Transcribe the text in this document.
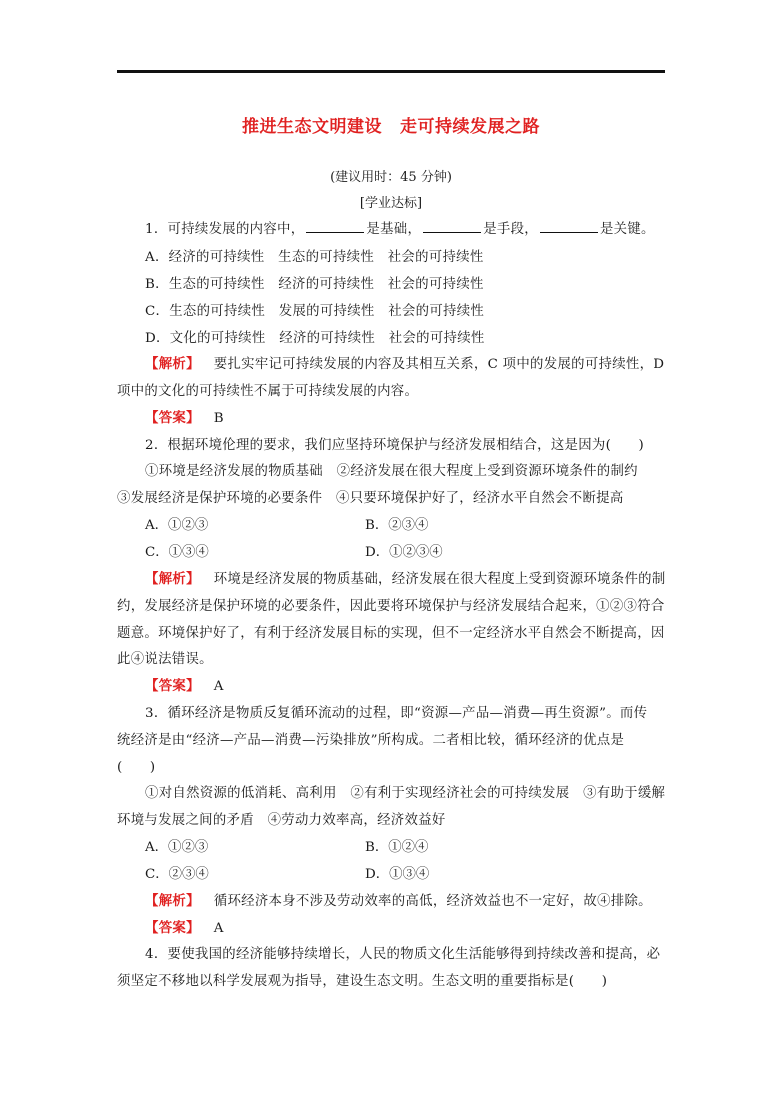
推进生态文明建设 走可持续发展之路
(建议用时：45 分钟)
[学业达标]
1．可持续发展的内容中，	是基础，	是手段，	是关键。
A．经济的可持续性　生态的可持续性　社会的可持续性
B．生态的可持续性　经济的可持续性　社会的可持续性
C．生态的可持续性　发展的可持续性　社会的可持续性
D．文化的可持续性　经济的可持续性　社会的可持续性
【解析】 要扎实牢记可持续发展的内容及其相互关系，C 项中的发展的可持续性，D
项中的文化的可持续性不属于可持续发展的内容。
【答案】 B
2．根据环境伦理的要求，我们应坚持环境保护与经济发展相结合，这是因为(　　)
①环境是经济发展的物质基础　②经济发展在很大程度上受到资源环境条件的制约
③发展经济是保护环境的必要条件　④只要环境保护好了，经济水平自然会不断提高
A．①②③	B．②③④
C．①③④	D．①②③④
【解析】 环境是经济发展的物质基础，经济发展在很大程度上受到资源环境条件的制
约，发展经济是保护环境的必要条件，因此要将环境保护与经济发展结合起来，①②③符合
题意。环境保护好了，有利于经济发展目标的实现，但不一定经济水平自然会不断提高，因
此④说法错误。
【答案】 A
3．循环经济是物质反复循环流动的过程，即“资源—产品—消费—再生资源”。而传
统经济是由“经济—产品—消费—污染排放”所构成。二者相比较，循环经济的优点是
(　　)
①对自然资源的低消耗、高利用　②有利于实现经济社会的可持续发展　③有助于缓解
环境与发展之间的矛盾　④劳动力效率高，经济效益好
A．①②③	B．①②④
C．②③④	D．①③④
【解析】 循环经济本身不涉及劳动效率的高低，经济效益也不一定好，故④排除。
【答案】 A
4．要使我国的经济能够持续增长，人民的物质文化生活能够得到持续改善和提高，必
须坚定不移地以科学发展观为指导，建设生态文明。生态文明的重要指标是(　　)
